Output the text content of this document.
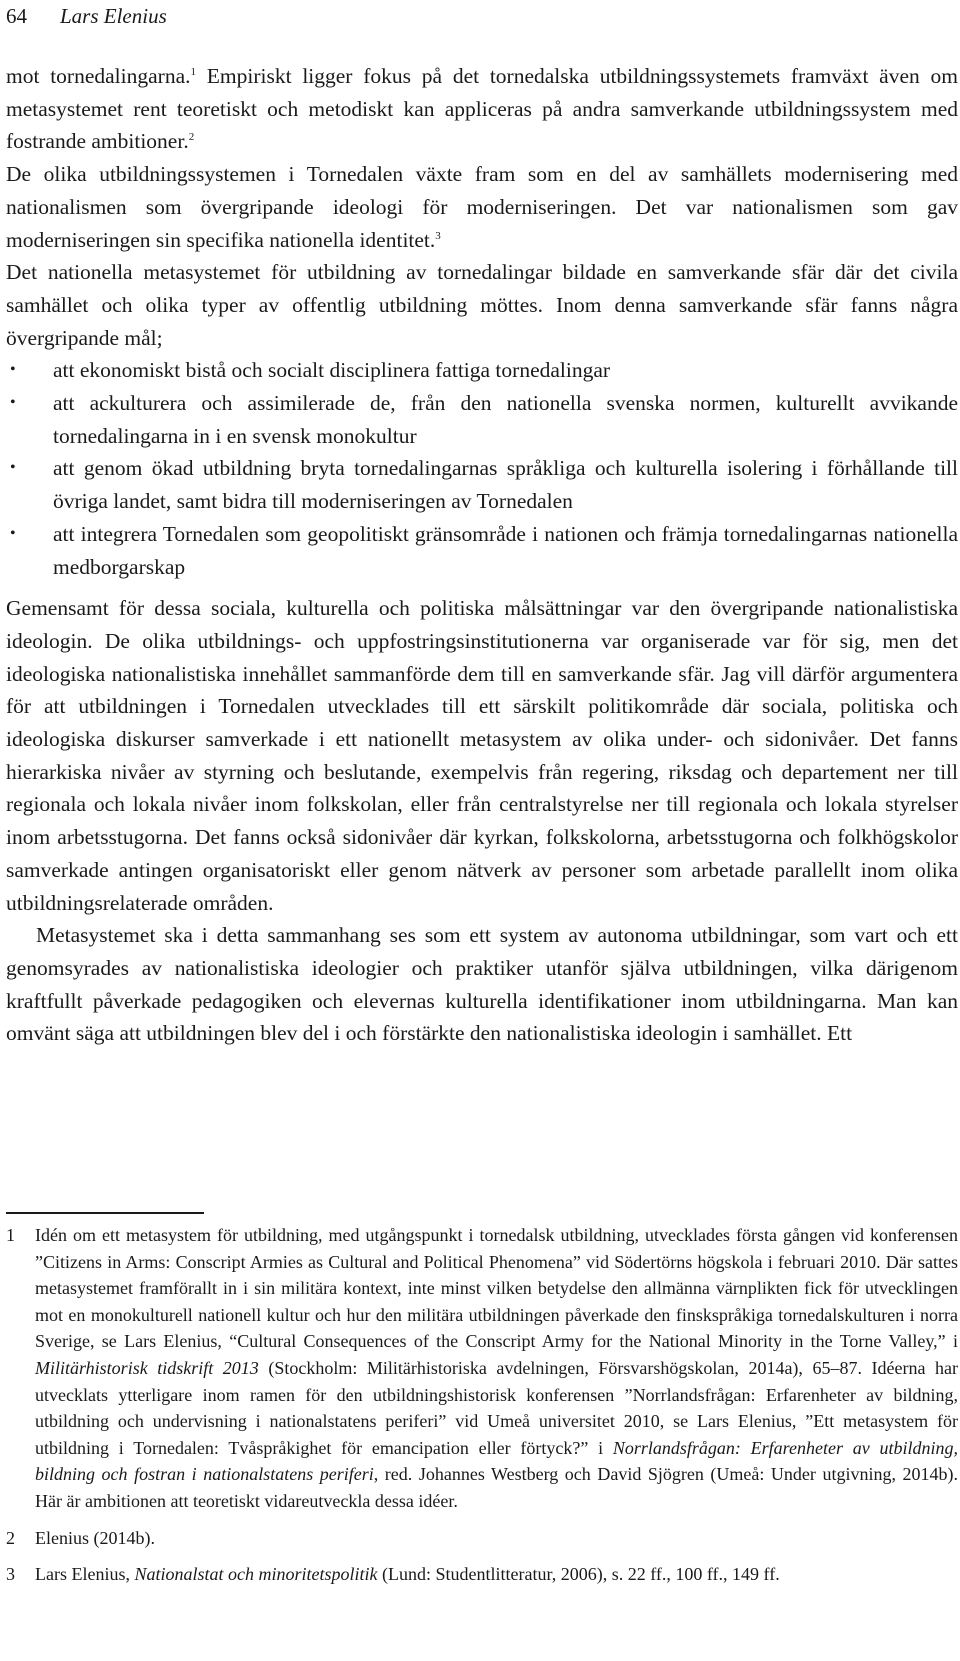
64 Lars Elenius

mot tornedalingarna.$^1$ Empiriskt ligger fokus på det tornedalska utbildningssystemets framväxt även om metasystemet rent teoretiskt och metodiskt kan appliceras på andra samverkande utbildningssystem med fostrande ambitioner.$^2$

De olika utbildningssystemen i Tornedalen växte fram som en del av samhällets modernisering med nationalismen som övergripande ideologi för moderniseringen. Det var nationalismen som gav moderniseringen sin specifika nationella identitet.$^3$

Det nationella metasystemet för utbildning av tornedalingar bildade en samverkande sfär där det civila samhället och olika typer av offentlig utbildning möttes. Inom denna samverkande sfär fanns några övergripande mål;

• att ekonomiskt bistå och socialt disciplinera fattiga tornedalingar
• att ackulturera och assimilerade de, från den nationella svenska normen, kulturellt avvikande tornedalingarna in i en svensk monokultur
• att genom ökad utbildning bryta tornedalingarnas språkliga och kulturella isolering i förhållande till övriga landet, samt bidra till moderniseringen av Tornedalen
• att integrera Tornedalen som geopolitiskt gränsområde i nationen och främja tornedalingarnas nationella medborgarskap

Gemensamt för dessa sociala, kulturella och politiska målsättningar var den övergripande nationalistiska ideologin. De olika utbildnings- och uppfostringsinstitutionerna var organiserade var för sig, men det ideologiska nationalistiska innehållet sammanförde dem till en samverkande sfär. Jag vill därför argumentera för att utbildningen i Tornedalen utvecklades till ett särskilt politikområde där sociala, politiska och ideologiska diskurser samverkade i ett nationellt metasystem av olika under- och sidonivåer. Det fanns hierarkiska nivåer av styrning och beslutande, exempelvis från regering, riksdag och departement ner till regionala och lokala nivåer inom folkskolan, eller från centralstyrelse ner till regionala och lokala styrelser inom arbetsstugorna. Det fanns också sidonivåer där kyrkan, folkskolorna, arbetsstugorna och folkhögskolor samverkade antingen organisatoriskt eller genom nätverk av personer som arbetade parallellt inom olika utbildningsrelaterade områden.

Metasystemet ska i detta sammanhang ses som ett system av autonoma utbildningar, som vart och ett genomsyrades av nationalistiska ideologier och praktiker utanför själva utbildningen, vilka därigenom kraftfullt påverkade pedagogiken och elevernas kulturella identifikationer inom utbildningarna. Man kan omvänt säga att utbildningen blev del i och förstärkte den nationalistiska ideologin i samhället. Ett

1 Idén om ett metasystem för utbildning, med utgångspunkt i tornedalsk utbildning, utvecklades första gången vid konferensen ”Citizens in Arms: Conscript Armies as Cultural and Political Phenomena” vid Södertörns högskola i februari 2010. Där sattes metasystemet framförallt in i sin militära kontext, inte minst vilken betydelse den allmänna värnplikten fick för utvecklingen mot en monokulturell nationell kultur och hur den militära utbildningen påverkade den finskspråkiga tornedalskulturen i norra Sverige, se Lars Elenius, “Cultural Consequences of the Conscript Army for the National Minority in the Torne Valley,” i Militärhistorisk tidskrift 2013 (Stockholm: Militärhistoriska avdelningen, Försvarshögskolan, 2014a), 65–87. Idéerna har utvecklats ytterligare inom ramen för den utbildningshistorisk konferensen ”Norrlandsfrågan: Erfarenheter av bildning, utbildning och undervisning i nationalstatens periferi” vid Umeå universitet 2010, se Lars Elenius, ”Ett metasystem för utbildning i Tornedalen: Tvåspråkighet för emancipation eller förtyck?” i Norrlandsfrågan: Erfarenheter av utbildning, bildning och fostran i nationalstatens periferi, red. Johannes Westberg och David Sjögren (Umeå: Under utgivning, 2014b). Här är ambitionen att teoretiskt vidareutveckla dessa idéer.
2 Elenius (2014b).
3 Lars Elenius, Nationalstat och minoritetspolitik (Lund: Studentlitteratur, 2006), s. 22 ff., 100 ff., 149 ff.
